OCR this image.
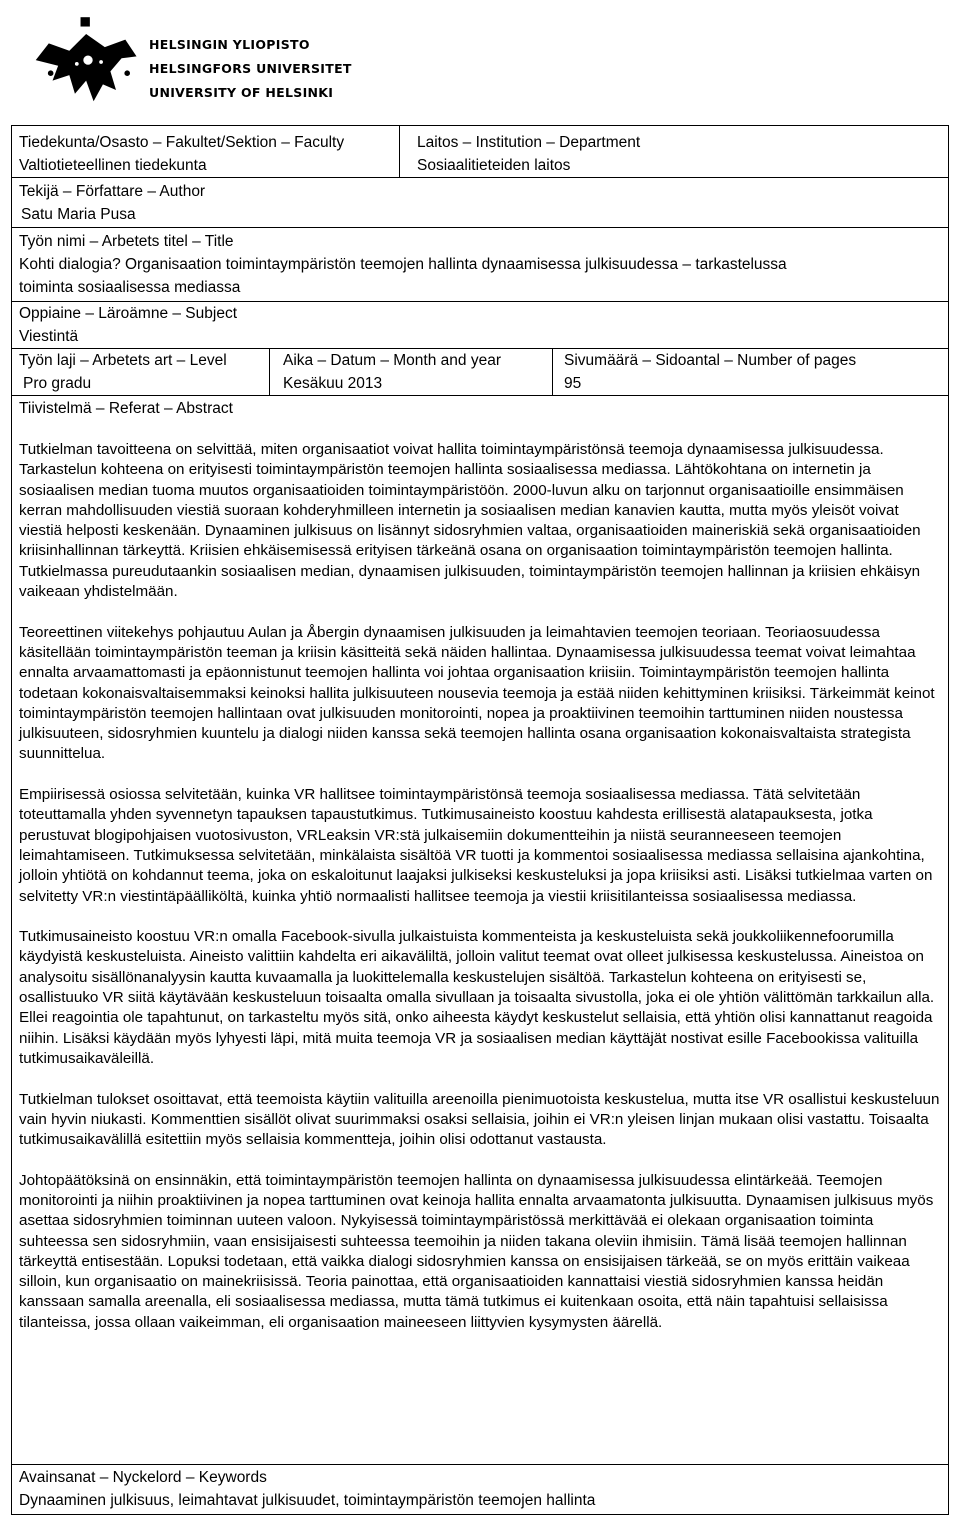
HELSINGIN YLIOPISTO
HELSINGFORS UNIVERSITET
UNIVERSITY OF HELSINKI
Tiedekunta/Osasto – Fakultet/Sektion – Faculty
Valtiotieteellinen tiedekunta
Laitos – Institution – Department
Sosiaalitieteiden laitos
Tekijä – Författare – Author
Satu Maria Pusa
Työn nimi – Arbetets titel – Title
Kohti dialogia? Organisaation toimintaympäristön teemojen hallinta dynaamisessa julkisuudessa – tarkastelussa
toiminta sosiaalisessa mediassa
Oppiaine – Läroämne – Subject
Viestintä
Työn laji – Arbetets art – Level
Pro gradu
Aika – Datum – Month and year
Kesäkuu 2013
Sivumäärä – Sidoantal – Number of pages
95
Tiivistelmä – Referat – Abstract

Tutkielman tavoitteena on selvittää, miten organisaatiot voivat hallita toimintaympäristönsä teemoja dynaamisessa julkisuudessa. Tarkastelun kohteena on erityisesti toimintaympäristön teemojen hallinta sosiaalisessa mediassa. Lähtökohtana on internetin ja sosiaalisen median tuoma muutos organisaatioiden toimintaympäristöön. 2000-luvun alku on tarjonnut organisaatioille ensimmäisen kerran mahdollisuuden viestiä suoraan kohderyhmilleen internetin ja sosiaalisen median kanavien kautta, mutta myös yleisöt voivat viestiä helposti keskenään. Dynaaminen julkisuus on lisännyt sidosryhmien valtaa, organisaatioiden maineriskiä sekä organisaatioiden kriisinhallinnan tärkeyttä. Kriisien ehkäisemisessä erityisen tärkeänä osana on organisaation toimintaympäristön teemojen hallinta. Tutkielmassa pureudutaankin sosiaalisen median, dynaamisen julkisuuden, toimintaympäristön teemojen hallinnan ja kriisien ehkäisyn vaikeaan yhdistelmään.

Teoreettinen viitekehys pohjautuu Aulan ja Åbergin dynaamisen julkisuuden ja leimahtavien teemojen teoriaan. Teoriaosuudessa käsitellään toimintaympäristön teeman ja kriisin käsitteitä sekä näiden hallintaa. Dynaamisessa julkisuudessa teemat voivat leimahtaa ennalta arvaamattomasti ja epäonnistunut teemojen hallinta voi johtaa organisaation kriisiin. Toimintaympäristön teemojen hallinta todetaan kokonaisvaltaisemmaksi keinoksi hallita julkisuuteen nousevia teemoja ja estää niiden kehittyminen kriisiksi. Tärkeimmät keinot toimintaympäristön teemojen hallintaan ovat julkisuuden monitorointi, nopea ja proaktiivinen teemoihin tarttuminen niiden noustessa julkisuuteen, sidosryhmien kuuntelu ja dialogi niiden kanssa sekä teemojen hallinta osana organisaation kokonaisvaltaista strategista suunnittelua.

Empiirisessä osiossa selvitetään, kuinka VR hallitsee toimintaympäristönsä teemoja sosiaalisessa mediassa. Tätä selvitetään toteuttamalla yhden syvennetyn tapauksen tapaustutkimus. Tutkimusaineisto koostuu kahdesta erillisestä alatapauksesta, jotka perustuvat blogipohjaisen vuotosivuston, VRLeaksin VR:stä julkaisemiin dokumentteihin ja niistä seuranneeseen teemojen leimahtamiseen. Tutkimuksessa selvitetään, minkälaista sisältöä VR tuotti ja kommentoi sosiaalisessa mediassa sellaisina ajankohtina, jolloin yhtiötä on kohdannut teema, joka on eskaloitunut laajaksi julkiseksi keskusteluksi ja jopa kriisiksi asti. Lisäksi tutkielmaa varten on selvitetty VR:n viestintäpäälliköltä, kuinka yhtiö normaalisti hallitsee teemoja ja viestii kriisitilanteissa sosiaalisessa mediassa.

Tutkimusaineisto koostuu VR:n omalla Facebook-sivulla julkaistuista kommenteista ja keskusteluista sekä joukkoliikennefoorumilla käydyistä keskusteluista. Aineisto valittiin kahdelta eri aikaväliltä, jolloin valitut teemat ovat olleet julkisessa keskustelussa. Aineistoa on analysoitu sisällönanalyysin kautta kuvaamalla ja luokittelemalla keskustelujen sisältöä. Tarkastelun kohteena on erityisesti se, osallistuuko VR siitä käytävään keskusteluun toisaalta omalla sivullaan ja toisaalta sivustolla, joka ei ole yhtiön välittömän tarkkailun alla. Ellei reagointia ole tapahtunut, on tarkasteltu myös sitä, onko aiheesta käydyt keskustelut sellaisia, että yhtiön olisi kannattanut reagoida niihin. Lisäksi käydään myös lyhyesti läpi, mitä muita teemoja VR ja sosiaalisen median käyttäjät nostivat esille Facebookissa valituilla tutkimusaikaväleillä.

Tutkielman tulokset osoittavat, että teemoista käytiin valituilla areenoilla pienimuotoista keskustelua, mutta itse VR osallistui keskusteluun vain hyvin niukasti. Kommenttien sisällöt olivat suurimmaksi osaksi sellaisia, joihin ei VR:n yleisen linjan mukaan olisi vastattu. Toisaalta tutkimusaikavälillä esitettiin myös sellaisia kommentteja, joihin olisi odottanut vastausta.

Johtopäätöksinä on ensinnäkin, että toimintaympäristön teemojen hallinta on dynaamisessa julkisuudessa elintärkeää. Teemojen monitorointi ja niihin proaktiivinen ja nopea tarttuminen ovat keinoja hallita ennalta arvaamatonta julkisuutta. Dynaamisen julkisuus myös asettaa sidosryhmien toiminnan uuteen valoon. Nykyisessä toimintaympäristössä merkittävää ei olekaan organisaation toiminta suhteessa sen sidosryhmiin, vaan ensisijaisesti suhteessa teemoihin ja niiden takana oleviin ihmisiin. Tämä lisää teemojen hallinnan tärkeyttä entisestään. Lopuksi todetaan, että vaikka dialogi sidosryhmien kanssa on ensisijaisen tärkeää, se on myös erittäin vaikeaa silloin, kun organisaatio on mainekriisissä. Teoria painottaa, että organisaatioiden kannattaisi viestiä sidosryhmien kanssa heidän kanssaan samalla areenalla, eli sosiaalisessa mediassa, mutta tämä tutkimus ei kuitenkaan osoita, että näin tapahtuisi sellaisissa tilanteissa, jossa ollaan vaikeimman, eli organisaation maineeseen liittyvien kysymysten äärellä.

Avainsanat – Nyckelord – Keywords
Dynaaminen julkisuus, leimahtavat julkisuudet, toimintaympäristön teemojen hallinta
